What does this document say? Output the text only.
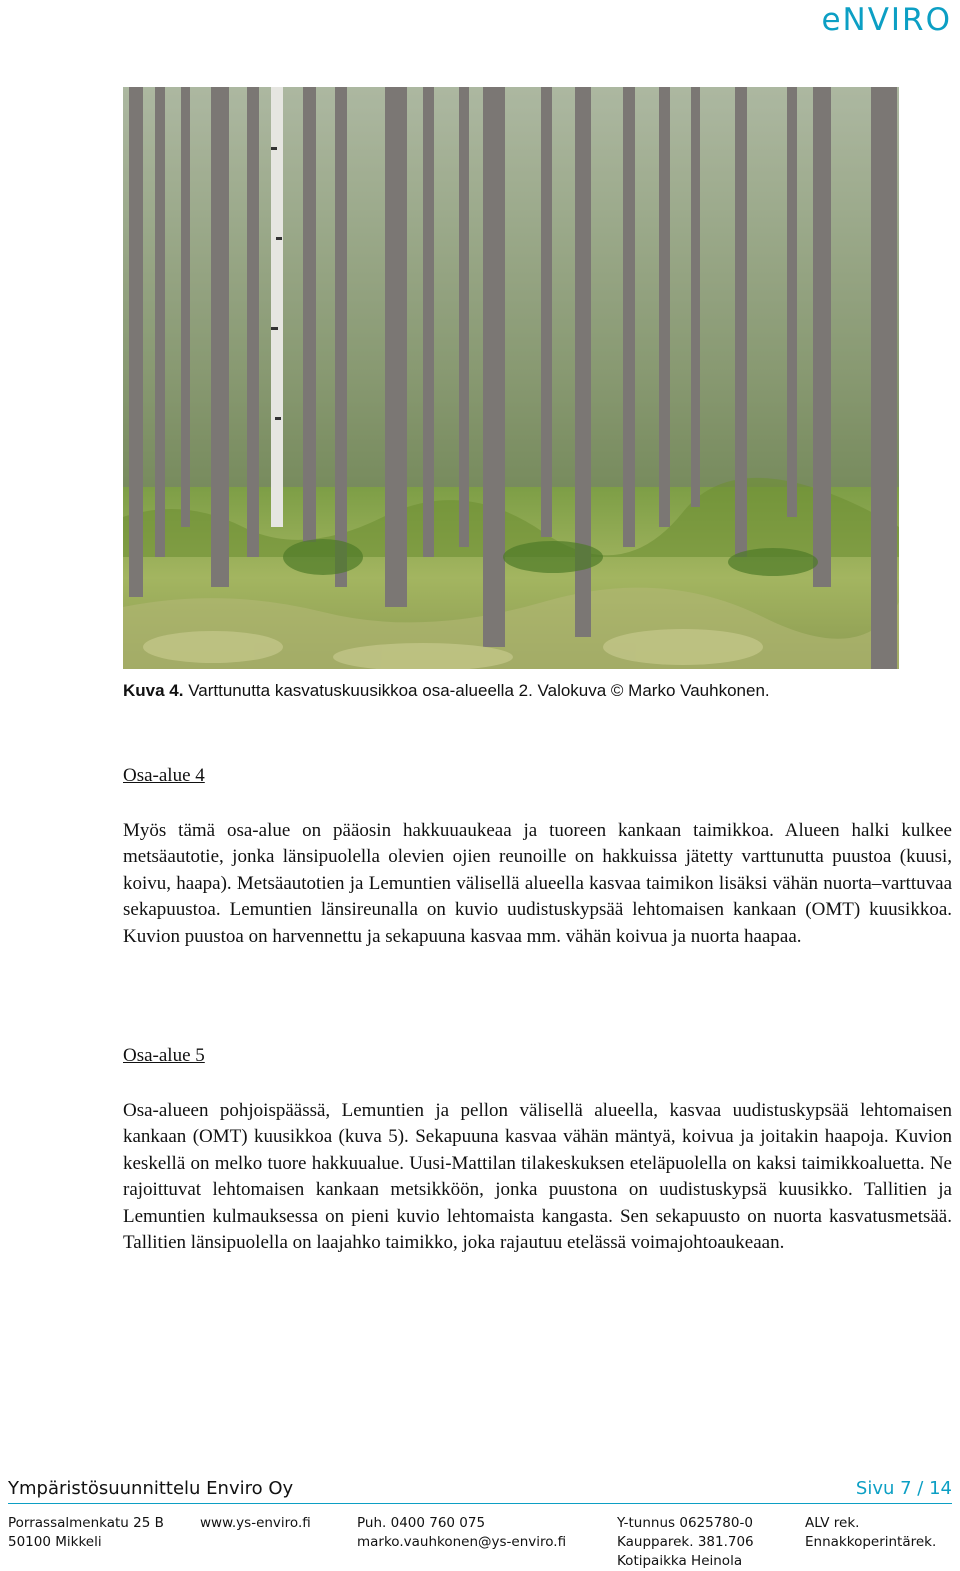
eNVIRO
Kuva 4. Varttunutta kasvatuskuusikkoa osa-alueella 2. Valokuva © Marko Vauhkonen.
Osa-alue 4
Myös tämä osa-alue on pääosin hakkuuaukeaa ja tuoreen kankaan taimikkoa. Alueen halki kulkee metsäautotie, jonka länsipuolella olevien ojien reunoille on hakkuissa jätetty varttunutta puustoa (kuusi, koivu, haapa). Metsäautotien ja Lemuntien välisellä alueella kasvaa taimikon lisäksi vähän nuorta–varttuvaa sekapuustoa. Lemuntien länsireunalla on kuvio uudistuskypsää lehtomaisen kankaan (OMT) kuusikkoa. Kuvion puustoa on harvennettu ja sekapuuna kasvaa mm. vähän koivua ja nuorta haapaa.
Osa-alue 5
Osa-alueen pohjoispäässä, Lemuntien ja pellon välisellä alueella, kasvaa uudistuskypsää lehtomaisen kankaan (OMT) kuusikkoa (kuva 5). Sekapuuna kasvaa vähän mäntyä, koivua ja joitakin haapoja. Kuvion keskellä on melko tuore hakkuualue. Uusi-Mattilan tilakeskuksen eteläpuolella on kaksi taimikkoaluetta. Ne rajoittuvat lehtomaisen kankaan metsikköön, jonka puustona on uudistuskypsä kuusikko. Tallitien ja Lemuntien kulmauksessa on pieni kuvio lehtomaista kangasta. Sen sekapuusto on nuorta kasvatusmetsää. Tallitien länsipuolella on laajahko taimikko, joka rajautuu etelässä voimajohtoaukeaan.
Ympäristösuunnittelu Enviro Oy	Sivu 7 / 14
Porrassalmenkatu 25 B
50100 Mikkeli
www.ys-enviro.fi	Puh. 0400 760 075
marko.vauhkonen@ys-enviro.fi
Y-tunnus 0625780-0
Kaupparek. 381.706
Kotipaikka Heinola
ALV rek.
Ennakkoperintärek.
